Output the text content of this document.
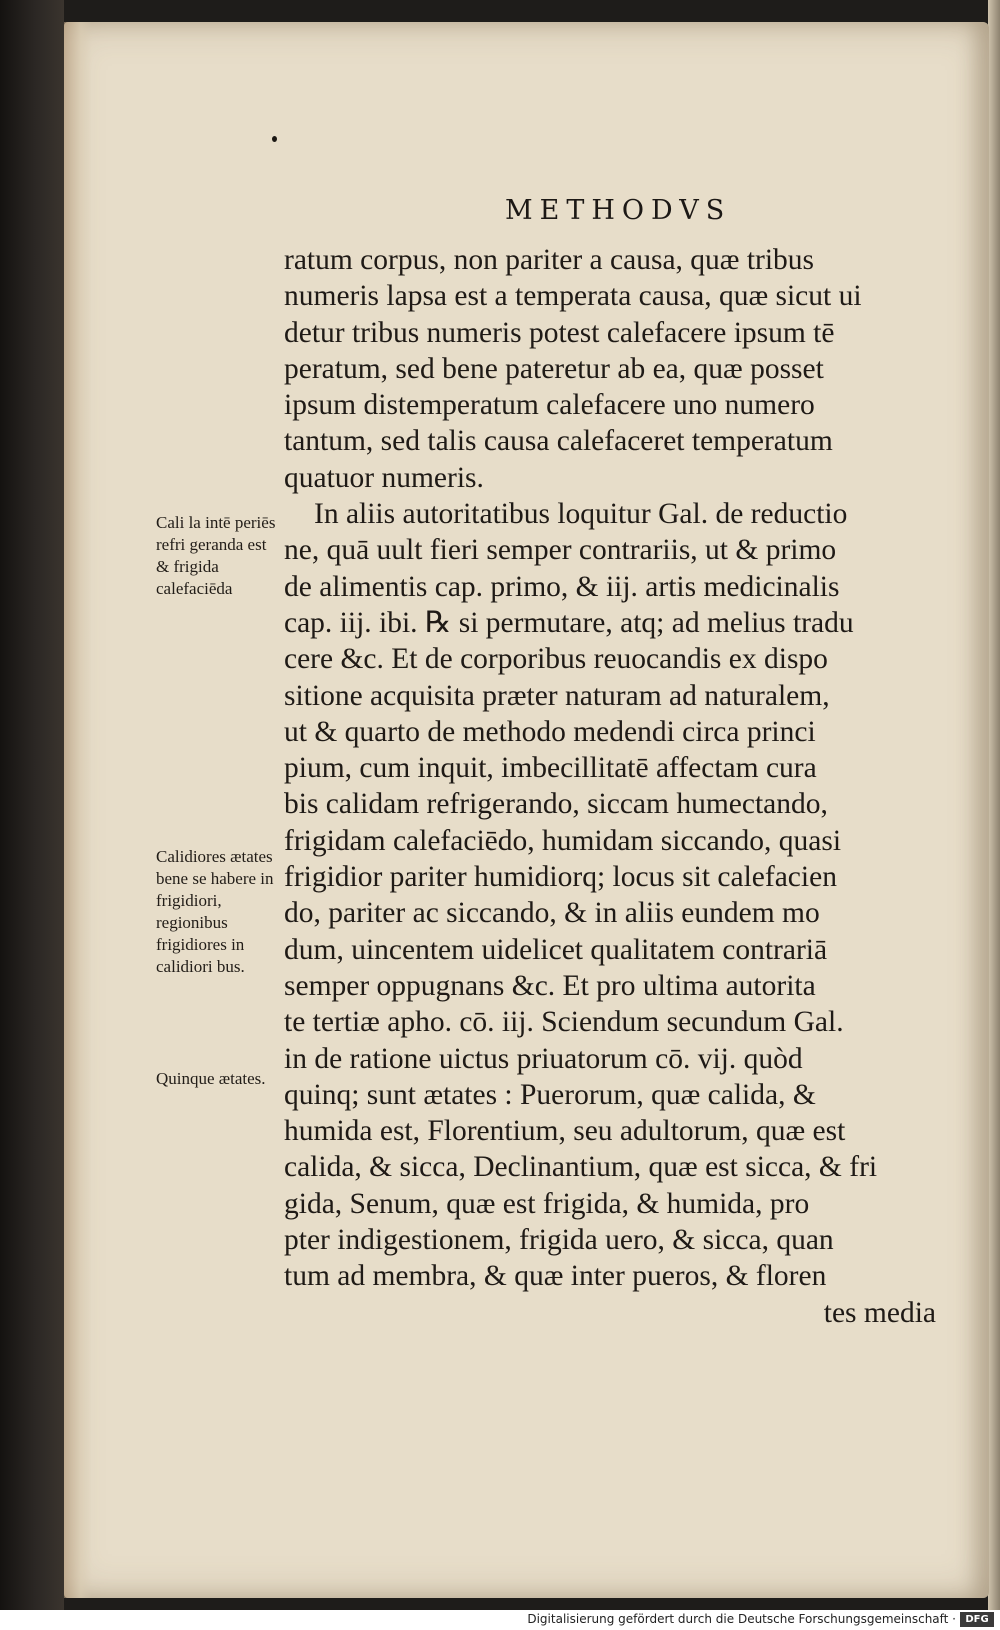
METHODVS
Cali la intē periēs refri geranda est & frigida calefaciēda
Calidiores ætates bene se habere in frigidiori, regionibus frigidiores in calidiori bus.
Quinque ætates.
ratum corpus, non pariter a causa, quæ tribus
numeris lapsa est a temperata causa, quæ sicut ui
detur tribus numeris potest calefacere ipsum tē
peratum, sed bene pateretur ab ea, quæ posset
ipsum distemperatum calefacere uno numero
tantum, sed talis causa calefaceret temperatum
quatuor numeris.
In aliis autoritatibus loquitur Gal. de reductio
ne, quā uult fieri semper contrariis, ut & primo
de alimentis cap. primo, & iij. artis medicinalis
cap. iij. ibi. ℞ si permutare, atq; ad melius tradu
cere &c. Et de corporibus reuocandis ex dispo
sitione acquisita præter naturam ad naturalem,
ut & quarto de methodo medendi circa princi
pium, cum inquit, imbecillitatē affectam cura
bis calidam refrigerando, siccam humectando,
frigidam calefaciēdo, humidam siccando, quasi
frigidior pariter humidiorq; locus sit calefacien
do, pariter ac siccando, & in aliis eundem mo
dum, uincentem uidelicet qualitatem contrariā
semper oppugnans &c. Et pro ultima autorita
te tertiæ apho. cō. iij. Sciendum secundum Gal.
in de ratione uictus priuatorum cō. vij. quòd
quinq; sunt ætates : Puerorum, quæ calida, &
humida est, Florentium, seu adultorum, quæ est
calida, & sicca, Declinantium, quæ est sicca, & fri
gida, Senum, quæ est frigida, & humida, pro
pter indigestionem, frigida uero, & sicca, quan
tum ad membra, & quæ inter pueros, & floren
tes media
Digitalisierung gefördert durch die Deutsche Forschungsgemeinschaft · DFG
